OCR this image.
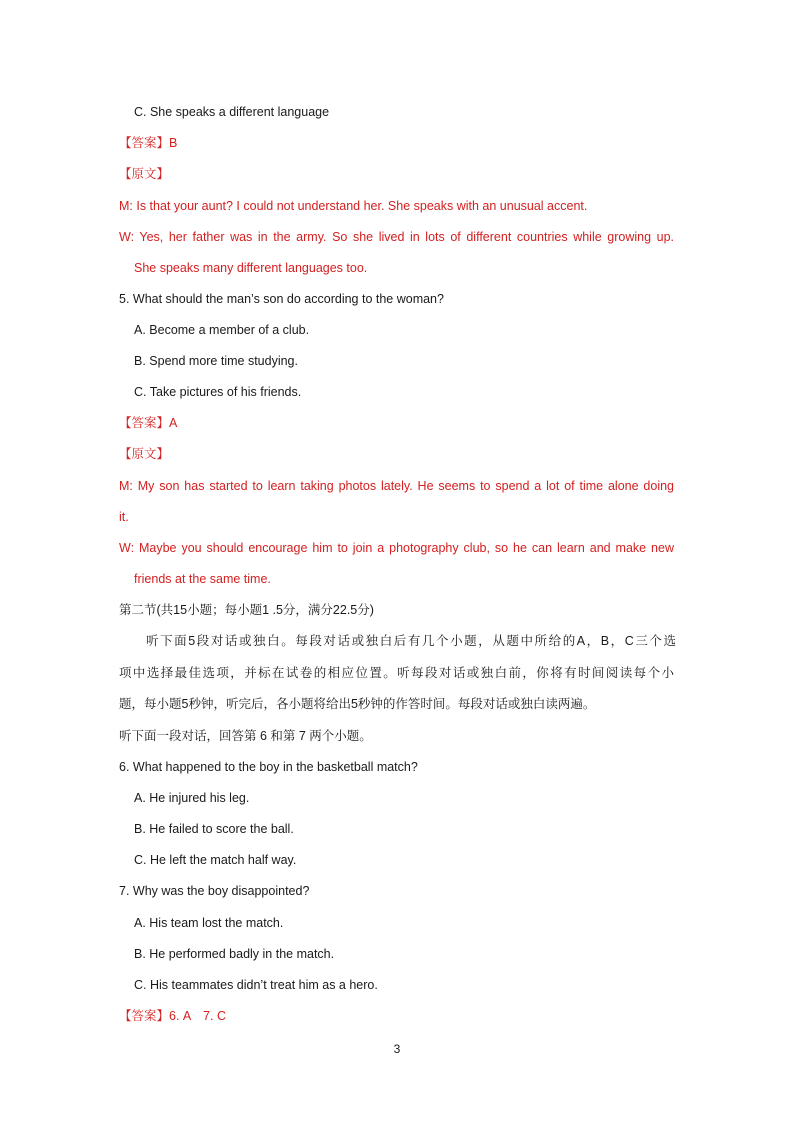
C. She speaks a different language
【答案】B
【原文】
M: Is that your aunt? I could not understand her. She speaks with an unusual accent.
W: Yes, her father was in the army. So she lived in lots of different countries while growing up.
She speaks many different languages too.
5. What should the man’s son do according to the woman?
A. Become a member of a club.
B. Spend more time studying.
C. Take pictures of his friends.
【答案】A
【原文】
M: My son has started to learn taking photos lately. He seems to spend a lot of time alone doing
it.
W: Maybe you should encourage him to join a photography club, so he can learn and make new
friends at the same time.
第二节(共15小题；每小题1 .5分，满分22.5分)
听下面5段对话或独白。每段对话或独白后有几个小题，从题中所给的A，B，C三个选
项中选择最佳选项，并标在试卷的相应位置。听每段对话或独白前，你将有时间阅读每个小
题，每小题5秒钟，听完后，各小题将给出5秒钟的作答时间。每段对话或独白读两遍。
听下面一段对话，回答第 6 和第 7 两个小题。
6. What happened to the boy in the basketball match?
A. He injured his leg.
B. He failed to score the ball.
C. He left the match half way.
7. Why was the boy disappointed?
A. His team lost the match.
B. He performed badly in the match.
C. His teammates didn’t treat him as a hero.
【答案】6. A　7. C
3
